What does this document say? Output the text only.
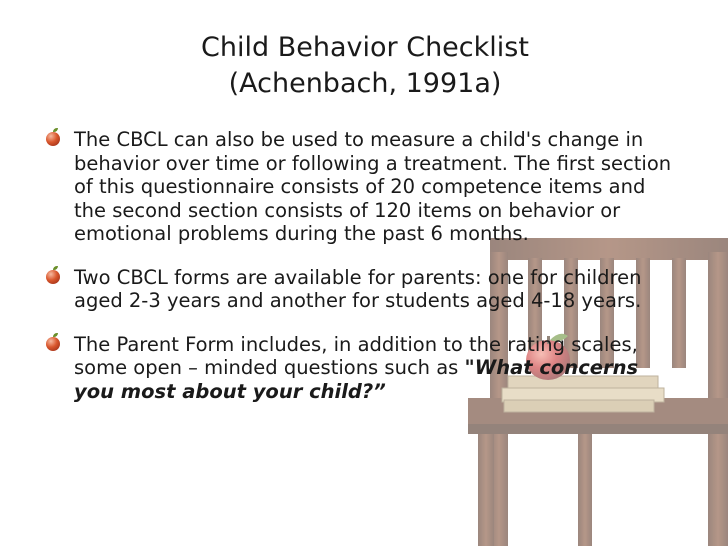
Child Behavior Checklist
(Achenbach, 1991a)
The CBCL can also be used to measure a child's change in behavior over time or following a treatment. The first section of this questionnaire consists of 20 competence items and the second section consists of 120 items on behavior or emotional problems during the past 6 months.
Two CBCL forms are available for parents: one for children aged 2-3 years and another for students aged 4-18 years.
The Parent Form includes, in addition to the rating scales, some open – minded questions such as "What concerns you most about your child?”
